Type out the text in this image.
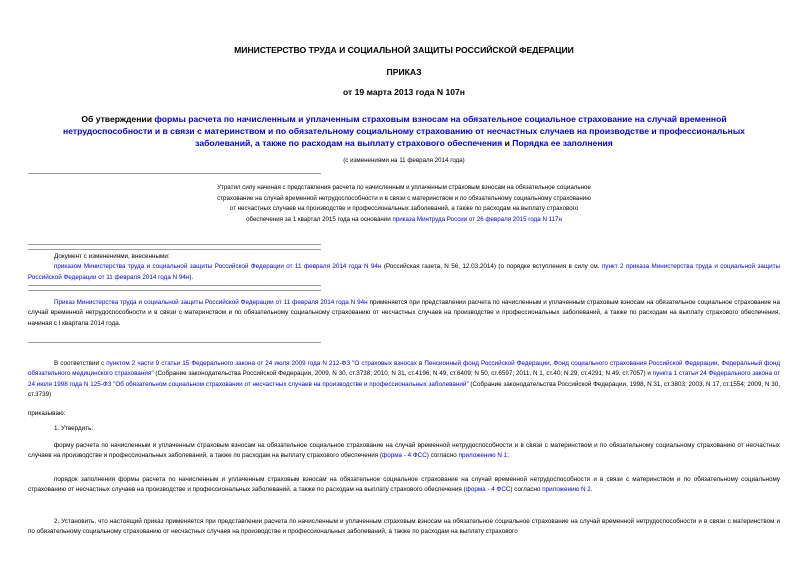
МИНИСТЕРСТВО ТРУДА И СОЦИАЛЬНОЙ ЗАЩИТЫ РОССИЙСКОЙ ФЕДЕРАЦИИ
ПРИКАЗ
от 19 марта 2013 года N 107н
Об утверждении формы расчета по начисленным и уплаченным страховым взносам на обязательное социальное страхование на случай временной нетрудоспособности и в связи с материнством и по обязательному социальному страхованию от несчастных случаев на производстве и профессиональных заболеваний, а также по расходам на выплату страхового обеспечения и Порядка ее заполнения
(с изменениями на 11 февраля 2014 года)
Утратил силу начиная с представления расчета по начисленным и уплаченным страховым взносам на обязательное социальное страхование на случай временной нетрудоспособности и в связи с материнством и по обязательному социальному страхованию от несчастных случаев на производстве и профессиональных заболеваний, а также по расходам на выплату страхового обеспечения за 1 квартал 2015 года на основании приказа Минтруда России от 26 февраля 2015 года N 117н
Документ с изменениями, внесенными:
приказом Министерства труда и социальной защиты Российской Федерации от 11 февраля 2014 года N 94н (Российская газета, N 56, 12.03.2014) (о порядке вступления в силу см. пункт 2 приказа Министерства труда и социальной защиты Российской Федерации от 11 февраля 2014 года N 94н).
Приказ Министерства труда и социальной защиты Российской Федерации от 11 февраля 2014 года N 94н применяется при представлении расчета по начисленным и уплаченным страховым взносам на обязательное социальное страхование на случай временной нетрудоспособности и в связи с материнством и по обязательному социальному страхованию от несчастных случаев на производстве и профессиональных заболеваний, а также по расходам на выплату страхового обеспечения, начиная с I квартала 2014 года.
В соответствии с пунктом 2 части 9 статьи 15 Федерального закона от 24 июля 2009 года N 212-ФЗ "О страховых взносах в Пенсионный фонд Российской Федерации, Фонд социального страхования Российской Федерации, Федеральный фонд обязательного медицинского страхования" (Собрание законодательства Российской Федерации, 2009, N 30, ст.3738; 2010, N 31, ст.4196; N 49, ст.6409; N 50, ст.6597; 2011, N 1, ст.40; N 29, ст.4291; N 49, ст.7057) и пункта 1 статьи 24 Федерального закона от 24 июля 1998 года N 125-ФЗ "Об обязательном социальном страховании от несчастных случаев на производстве и профессиональных заболеваний" (Собрание законодательства Российской Федерации, 1998, N 31, ст.3803; 2003, N 17, ст.1554; 2009, N 30, ст.3739)
приказываю:
1. Утвердить:
форму расчета по начисленным и уплаченным страховым взносам на обязательное социальное страхование на случай временной нетрудоспособности и в связи с материнством и по обязательному социальному страхованию от несчастных случаев на производстве и профессиональных заболеваний, а также по расходам на выплату страхового обеспечения (форма - 4 ФСС) согласно приложению N 1;
порядок заполнения формы расчета по начисленным и уплаченным страховым взносам на обязательное социальное страхование на случай временной нетрудоспособности и в связи с материнством и по обязательному социальному страхованию от несчастных случаев на производстве и профессиональных заболеваний, а также по расходам на выплату страхового обеспечения (форма - 4 ФСС) согласно приложению N 2.
2. Установить, что настоящий приказ применяется при представлении расчета по начисленным и уплаченным страховым взносам на обязательное социальное страхование на случай временной нетрудоспособности и в связи с материнством и по обязательному социальному страхованию от несчастных случаев на производстве и профессиональных заболеваний, а также по расходам на выплату страхового
